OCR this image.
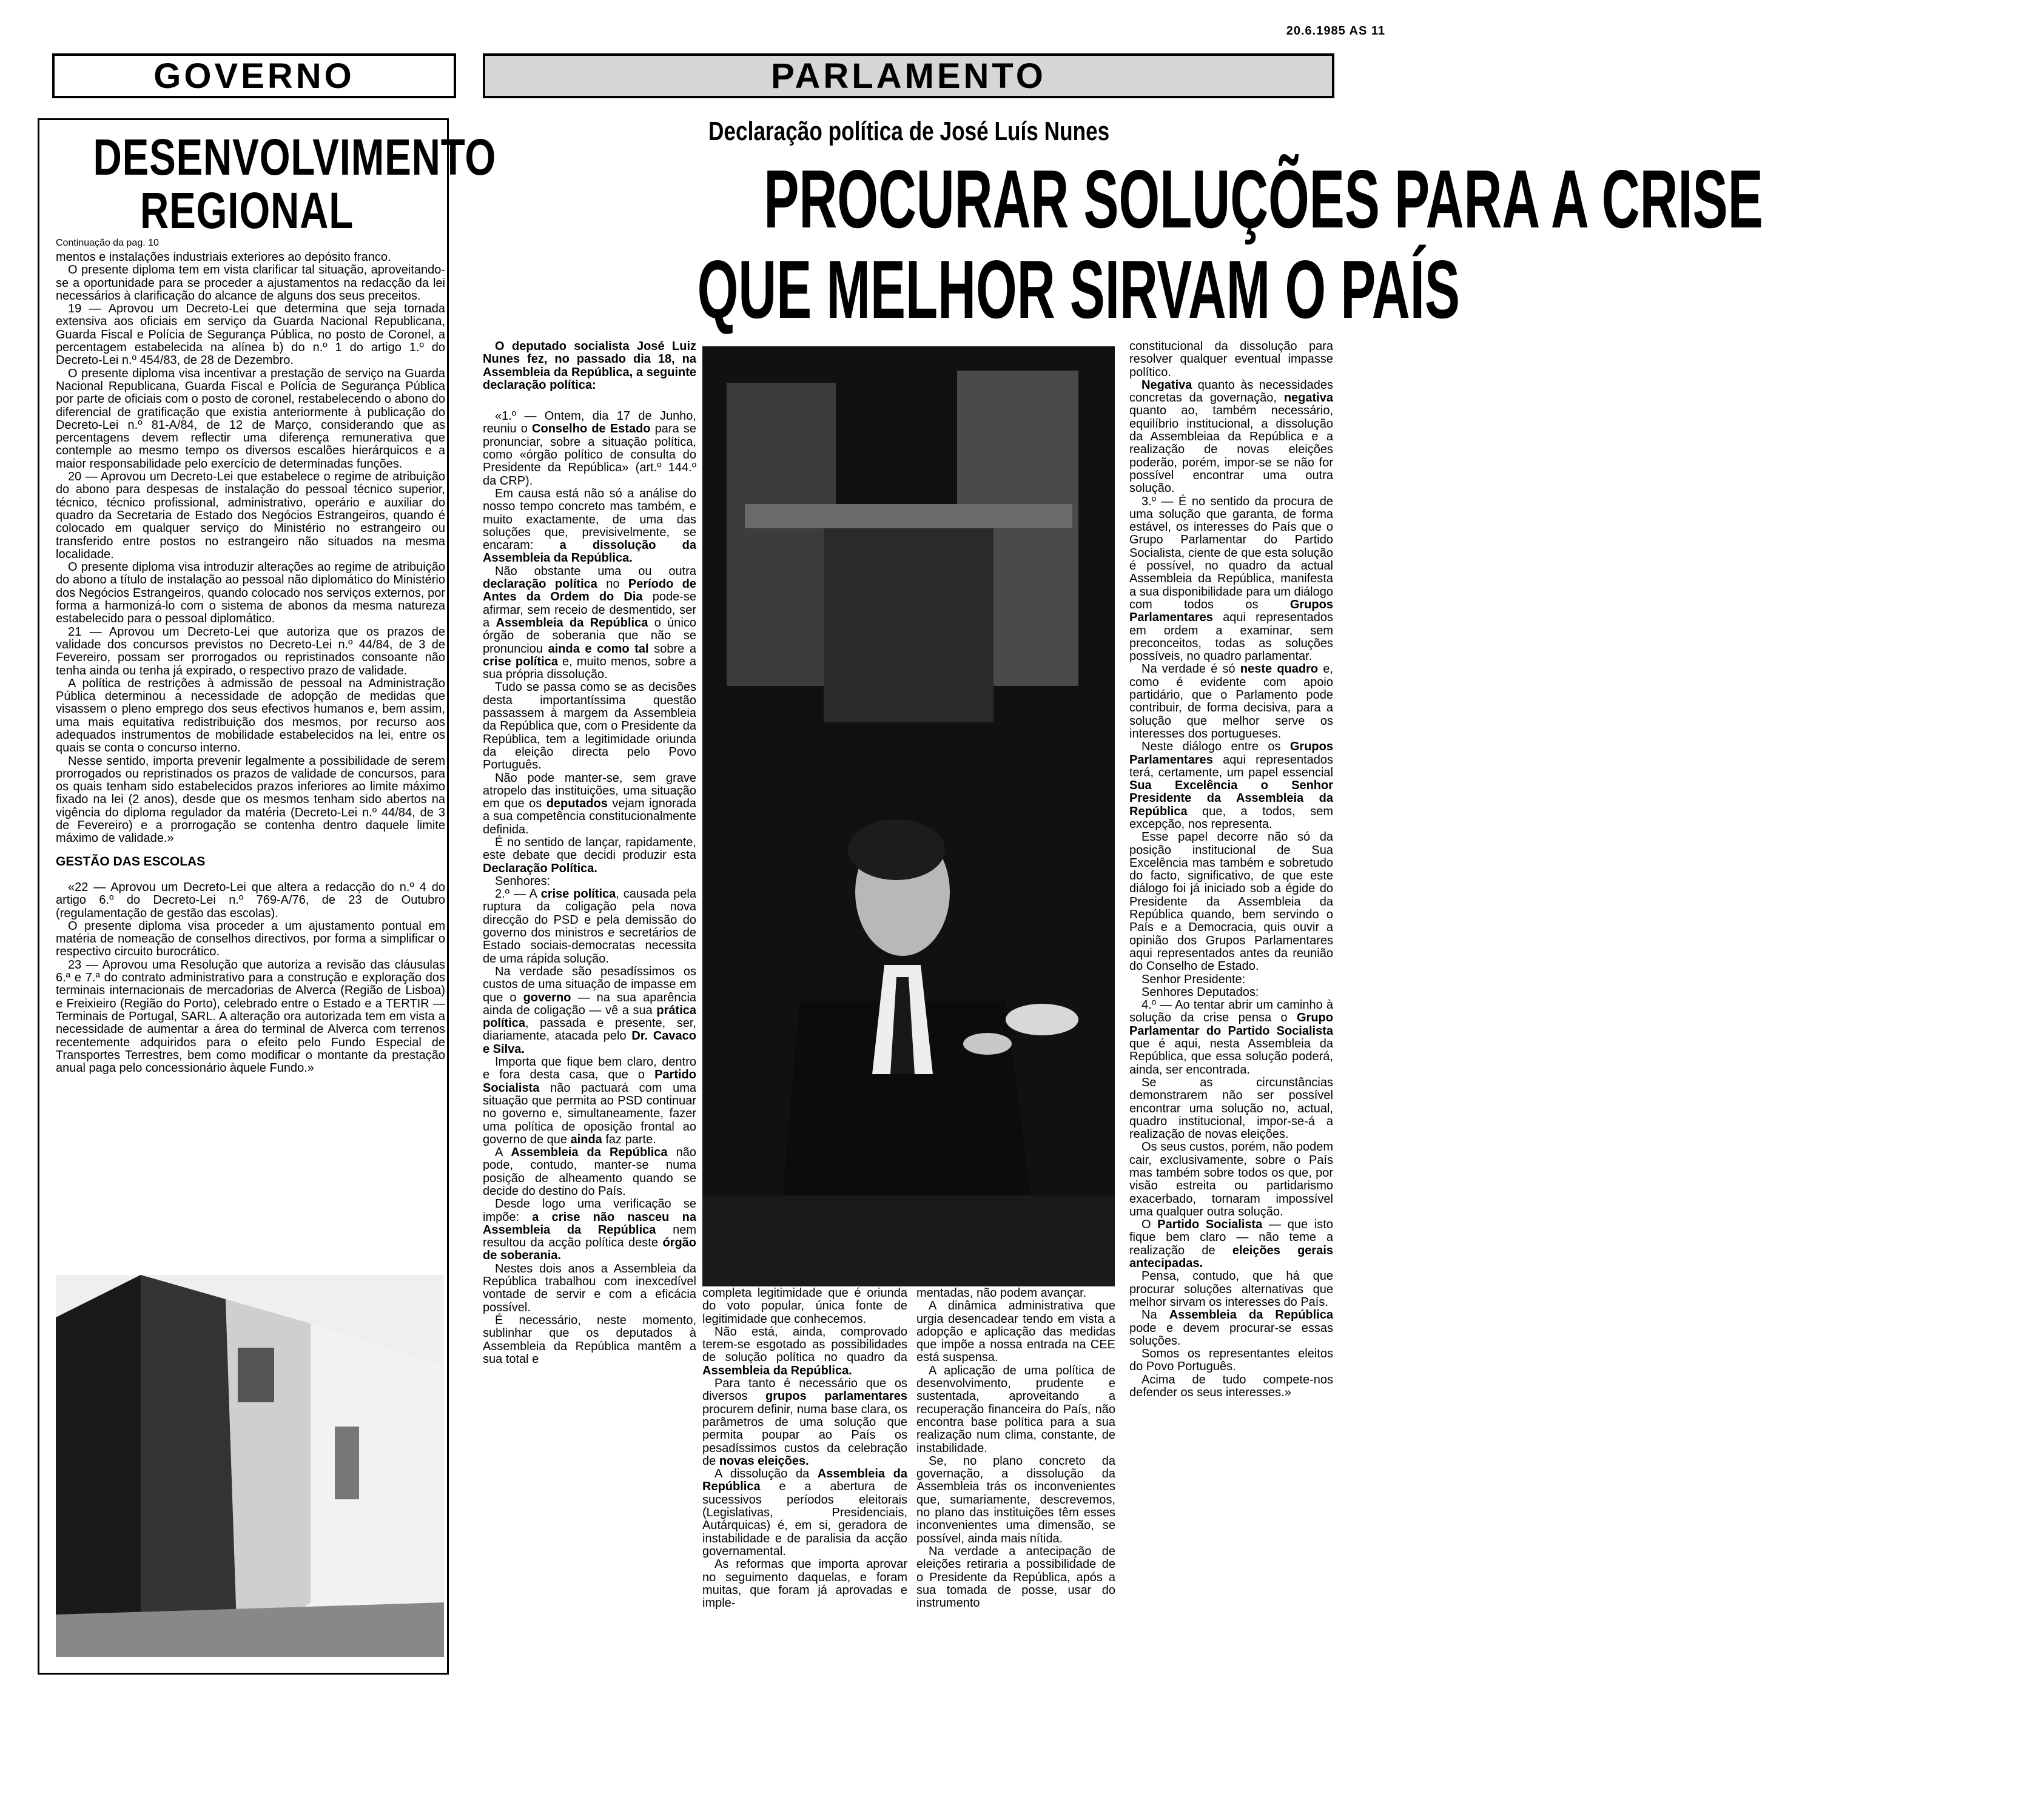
20.6.1985 AS 11
GOVERNO	PARLAMENTO
DESENVOLVIMENTO
REGIONAL
Continuação da pag. 10

mentos e instalações industriais exteriores ao depósito franco.

O presente diploma tem em vista clarificar tal situação, aproveitando-se a oportunidade para se proceder a ajustamentos na redacção da lei necessários à clarificação do alcance de alguns dos seus preceitos.

19 — Aprovou um Decreto-Lei que determina que seja tornada extensiva aos oficiais em serviço da Guarda Nacional Republicana, Guarda Fiscal e Polícia de Segurança Pública, no posto de Coronel, a percentagem estabelecida na alínea b) do n.º 1 do artigo 1.º do Decreto-Lei n.º 454/83, de 28 de Dezembro.

O presente diploma visa incentivar a prestação de serviço na Guarda Nacional Republicana, Guarda Fiscal e Polícia de Segurança Pública por parte de oficiais com o posto de coronel, restabelecendo o abono do diferencial de gratificação que existia anteriormente à publicação do Decreto-Lei n.º 81-A/84, de 12 de Março, considerando que as percentagens devem reflectir uma diferença remunerativa que contemple ao mesmo tempo os diversos escalões hierárquicos e a maior responsabilidade pelo exercício de determinadas funções.

20 — Aprovou um Decreto-Lei que estabelece o regime de atribuição do abono para despesas de instalação do pessoal técnico superior, técnico, técnico profissional, administrativo, operário e auxiliar do quadro da Secretaria de Estado dos Negócios Estrangeiros, quando é colocado em qualquer serviço do Ministério no estrangeiro ou transferido entre postos no estrangeiro não situados na mesma localidade.

O presente diploma visa introduzir alterações ao regime de atribuição do abono a título de instalação ao pessoal não diplomático do Ministério dos Negócios Estrangeiros, quando colocado nos serviços externos, por forma a harmonizá-lo com o sistema de abonos da mesma natureza estabelecido para o pessoal diplomático.

21 — Aprovou um Decreto-Lei que autoriza que os prazos de validade dos concursos previstos no Decreto-Lei n.º 44/84, de 3 de Fevereiro, possam ser prorrogados ou repristinados consoante não tenha ainda ou tenha já expirado, o respectivo prazo de validade.

A política de restrições à admissão de pessoal na Administração Pública determinou a necessidade de adopção de medidas que visassem o pleno emprego dos seus efectivos humanos e, bem assim, uma mais equitativa redistribuição dos mesmos, por recurso aos adequados instrumentos de mobilidade estabelecidos na lei, entre os quais se conta o concurso interno.

Nesse sentido, importa prevenir legalmente a possibilidade de serem prorrogados ou repristinados os prazos de validade de concursos, para os quais tenham sido estabelecidos prazos inferiores ao limite máximo fixado na lei (2 anos), desde que os mesmos tenham sido abertos na vigência do diploma regulador da matéria (Decreto-Lei n.º 44/84, de 3 de Fevereiro) e a prorrogação se contenha dentro daquele limite máximo de validade.»

GESTÃO DAS ESCOLAS

«22 — Aprovou um Decreto-Lei que altera a redacção do n.º 4 do artigo 6.º do Decreto-Lei n.º 769-A/76, de 23 de Outubro (regulamentação de gestão das escolas).

O presente diploma visa proceder a um ajustamento pontual em matéria de nomeação de conselhos directivos, por forma a simplificar o respectivo circuito burocrático.

23 — Aprovou uma Resolução que autoriza a revisão das cláusulas 6.ª e 7.ª do contrato administrativo para a construção e exploração dos terminais internacionais de mercadorias de Alverca (Região de Lisboa) e Freixieiro (Região do Porto), celebrado entre o Estado e a TERTIR — Terminais de Portugal, SARL. A alteração ora autorizada tem em vista a necessidade de aumentar a área do terminal de Alverca com terrenos recentemente adquiridos para o efeito pelo Fundo Especial de Transportes Terrestres, bem como modificar o montante da prestação anual paga pelo concessionário àquele Fundo.»

Declaração política de José Luís Nunes
PROCURAR SOLUÇÕES PARA A CRISE
QUE MELHOR SIRVAM O PAÍS

O deputado socialista José Luiz Nunes fez, no passado dia 18, na Assembleia da República, a seguinte declaração política:

«1.º — Ontem, dia 17 de Junho, reuniu o Conselho de Estado para se pronunciar, sobre a situação política, como «órgão político de consulta do Presidente da República» (art.º 144.º da CRP).

Em causa está não só a análise do nosso tempo concreto mas também, e muito exactamente, de uma das soluções que, previsivelmente, se encaram: a dissolução da Assembleia da República.

Não obstante uma ou outra declaração política no Período de Antes da Ordem do Dia pode-se afirmar, sem receio de desmentido, ser a Assembleia da República o único órgão de soberania que não se pronunciou ainda e como tal sobre a crise política e, muito menos, sobre a sua própria dissolução.

Tudo se passa como se as decisões desta importantíssima questão passassem à margem da Assembleia da República que, com o Presidente da República, tem a legitimidade oriunda da eleição directa pelo Povo Português.

Não pode manter-se, sem grave atropelo das instituições, uma situação em que os deputados vejam ignorada a sua competência constitucionalmente definida.

É no sentido de lançar, rapidamente, este debate que decidi produzir esta Declaração Política.

Senhores:

2.º — A crise política, causada pela ruptura da coligação pela nova direcção do PSD e pela demissão do governo dos ministros e secretários de Estado sociais-democratas necessita de uma rápida solução.

Na verdade são pesadíssimos os custos de uma situação de impasse em que o governo — na sua aparência ainda de coligação — vê a sua prática política, passada e presente, ser, diariamente, atacada pelo Dr. Cavaco e Silva.

Importa que fique bem claro, dentro e fora desta casa, que o Partido Socialista não pactuará com uma situação que permita ao PSD continuar no governo e, simultaneamente, fazer uma política de oposição frontal ao governo de que ainda faz parte.

A Assembleia da República não pode, contudo, manter-se numa posição de alheamento quando se decide do destino do País.

Desde logo uma verificação se impõe: a crise não nasceu na Assembleia da República nem resultou da acção política deste órgão de soberania.

Nestes dois anos a Assembleia da República trabalhou com inexcedível vontade de servir e com a eficácia possível.

É necessário, neste momento, sublinhar que os deputados à Assembleia da República mantêm a sua total e

completa legitimidade que é oriunda do voto popular, única fonte de legitimidade que conhecemos.

Não está, ainda, comprovado terem-se esgotado as possibilidades de solução política no quadro da Assembleia da República.

Para tanto é necessário que os diversos grupos parlamentares procurem definir, numa base clara, os parâmetros de uma solução que permita poupar ao País os pesadíssimos custos da celebração de novas eleições.

A dissolução da Assembleia da República e a abertura de sucessivos períodos eleitorais (Legislativas, Presidenciais, Autárquicas) é, em si, geradora de instabilidade e de paralisia da acção governamental.

As reformas que importa aprovar no seguimento daquelas, e foram muitas, que foram já aprovadas e imple-

mentadas, não podem avançar.

A dinâmica administrativa que urgia desencadear tendo em vista a adopção e aplicação das medidas que impõe a nossa entrada na CEE está suspensa.

A aplicação de uma política de desenvolvimento, prudente e sustentada, aproveitando a recuperação financeira do País, não encontra base política para a sua realização num clima, constante, de instabilidade.

Se, no plano concreto da governação, a dissolução da Assembleia trás os inconvenientes que, sumariamente, descrevemos, no plano das instituições têm esses inconvenientes uma dimensão, se possível, ainda mais nítida.

Na verdade a antecipação de eleições retiraria a possibilidade de o Presidente da República, após a sua tomada de posse, usar do instrumento

constitucional da dissolução para resolver qualquer eventual impasse político.

Negativa quanto às necessidades concretas da governação, negativa quanto ao, também necessário, equilíbrio institucional, a dissolução da Assembleiaa da República e a realização de novas eleições poderão, porém, impor-se se não for possível encontrar uma outra solução.

3.º — É no sentido da procura de uma solução que garanta, de forma estável, os interesses do País que o Grupo Parlamentar do Partido Socialista, ciente de que esta solução é possível, no quadro da actual Assembleia da República, manifesta a sua disponibilidade para um diálogo com todos os Grupos Parlamentares aqui representados em ordem a examinar, sem preconceitos, todas as soluções possíveis, no quadro parlamentar.

Na verdade é só neste quadro e, como é evidente com apoio partidário, que o Parlamento pode contribuir, de forma decisiva, para a solução que melhor serve os interesses dos portugueses.

Neste diálogo entre os Grupos Parlamentares aqui representados terá, certamente, um papel essencial Sua Excelência o Senhor Presidente da Assembleia da República que, a todos, sem excepção, nos representa.

Esse papel decorre não só da posição institucional de Sua Excelência mas também e sobretudo do facto, significativo, de que este diálogo foi já iniciado sob a égide do Presidente da Assembleia da República quando, bem servindo o País e a Democracia, quis ouvir a opinião dos Grupos Parlamentares aqui representados antes da reunião do Conselho de Estado.

Senhor Presidente:

Senhores Deputados:

4.º — Ao tentar abrir um caminho à solução da crise pensa o Grupo Parlamentar do Partido Socialista que é aqui, nesta Assembleia da República, que essa solução poderá, ainda, ser encontrada.

Se as circunstâncias demonstrarem não ser possível encontrar uma solução no, actual, quadro institucional, impor-se-á a realização de novas eleições.

Os seus custos, porém, não podem cair, exclusivamente, sobre o País mas também sobre todos os que, por visão estreita ou partidarismo exacerbado, tornaram impossível uma qualquer outra solução.

O Partido Socialista — que isto fique bem claro — não teme a realização de eleições gerais antecipadas.

Pensa, contudo, que há que procurar soluções alternativas que melhor sirvam os interesses do País.

Na Assembleia da República pode e devem procurar-se essas soluções.

Somos os representantes eleitos do Povo Português.

Acima de tudo compete-nos defender os seus interesses.»
